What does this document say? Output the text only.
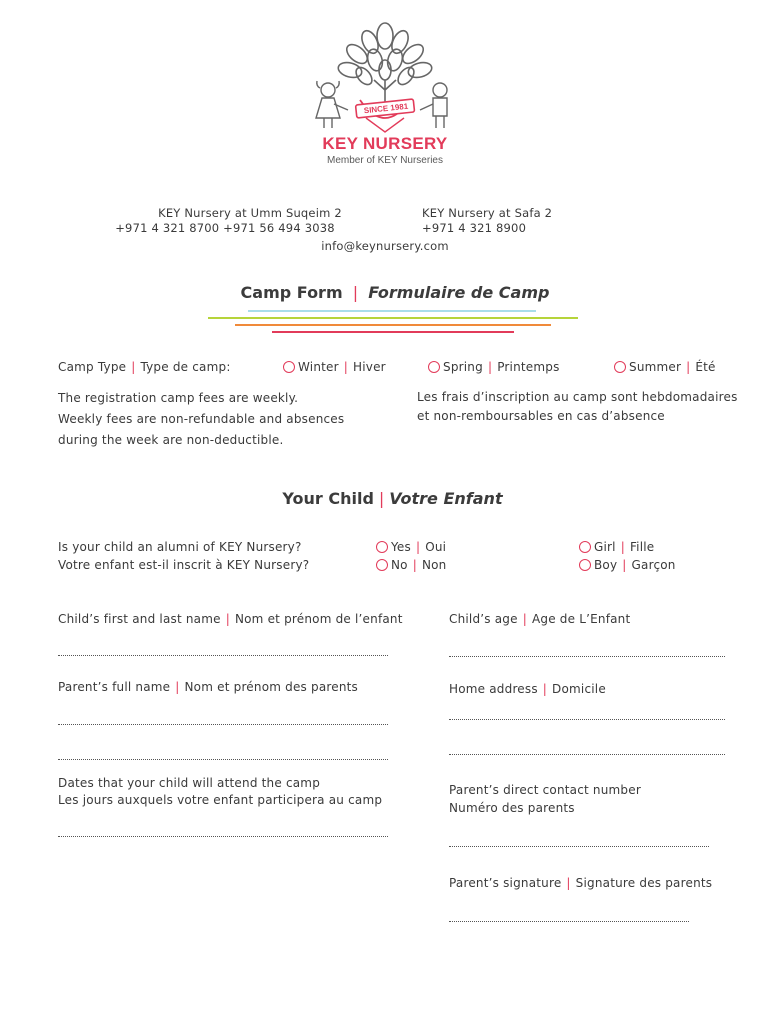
SINCE 1981
KEY NURSERY
Member of KEY Nurseries
KEY Nursery at Umm Suqeim 2
+971 4 321 8700 +971 56 494 3038
KEY Nursery at Safa 2
+971 4 321 8900
info@keynursery.com
Camp Form | Formulaire de Camp
Camp Type | Type de camp:	Winter | Hiver	Spring | Printemps	Summer | Été
The registration camp fees are weekly.
Weekly fees are non-refundable and absences
during the week are non-deductible.
Les frais d’inscription au camp sont hebdomadaires
et non-remboursables en cas d’absence
Your Child | Votre Enfant
Is your child an alumni of KEY Nursery?
Votre enfant est-il inscrit à KEY Nursery?
Yes | Oui
No | Non
Girl | Fille
Boy | Garçon
Child’s first and last name | Nom et prénom de l’enfant
Parent’s full name | Nom et prénom des parents
Dates that your child will attend the camp
Les jours auxquels votre enfant participera au camp
Child’s age | Age de L’Enfant
Home address | Domicile
Parent’s direct contact number
Numéro des parents
Parent’s signature | Signature des parents
